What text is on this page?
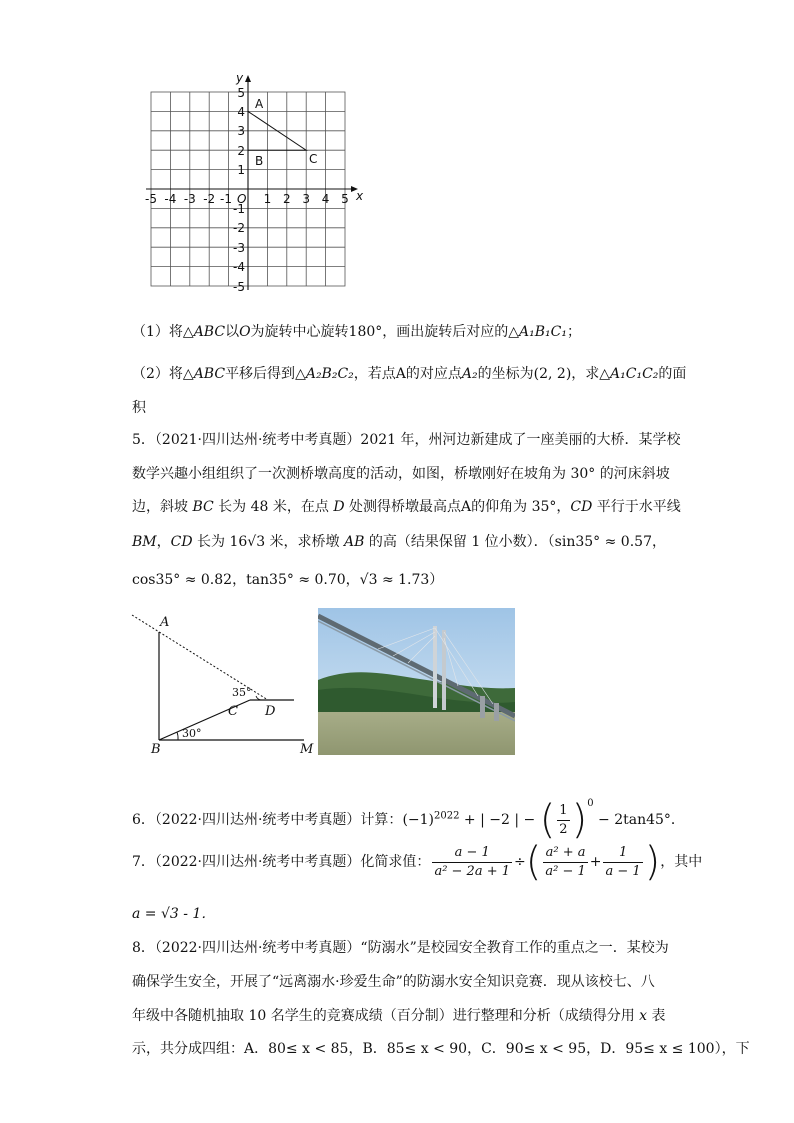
x
y
O
-5 -4 -3 -2 -1	1 2 3 4 5
5
4
3
2
1
-1
-2
-3
-4
-5
A
B	C
（1）将△ABC以O为旋转中心旋转180°，画出旋转后对应的△A₁B₁C₁；
（2）将△ABC平移后得到△A₂B₂C₂，若点A的对应点A₂的坐标为(2, 2)，求△A₁C₁C₂的面
积
5．（2021·四川达州·统考中考真题）2021 年，州河边新建成了一座美丽的大桥．某学校
数学兴趣小组组织了一次测桥墩高度的活动，如图，桥墩刚好在坡角为 30° 的河床斜坡
边，斜坡 BC 长为 48 米，在点 D 处测得桥墩最高点A的仰角为 35°，CD 平行于水平线
BM，CD 长为 16√3 米，求桥墩 AB 的高（结果保留 1 位小数）．（sin35° ≈ 0.57，
cos35° ≈ 0.82，tan35° ≈ 0.70，√3 ≈ 1.73）
A
B
C D
M
35°
30°
6．（2022·四川达州·统考中考真题）计算：$(-1)^{2022}$ + | −2 | − ( $\frac{1}{2} )^0 - 2\tan 45^\circ$．
7．（2022·四川达州·统考中考真题）化简求值： $\frac{a - 1}{\text{a² − 2a + 1}}$ ÷( $\frac{\text{a² + a}}{\text{a² − 1}} + \frac{1}{a - 1}$ )，其中
a = √3 - 1．
8．（2022·四川达州·统考中考真题）“防溺水”是校园安全教育工作的重点之一．某校为
确保学生安全，开展了“远离溺水·珍爱生命”的防溺水安全知识竞赛．现从该校七、八
年级中各随机抽取 10 名学生的竞赛成绩（百分制）进行整理和分析（成绩得分用 x 表
示，共分成四组：A．80≤ x < 85，B．85≤ x < 90，C．90≤ x < 95，D．95≤ x ≤ 100），下
